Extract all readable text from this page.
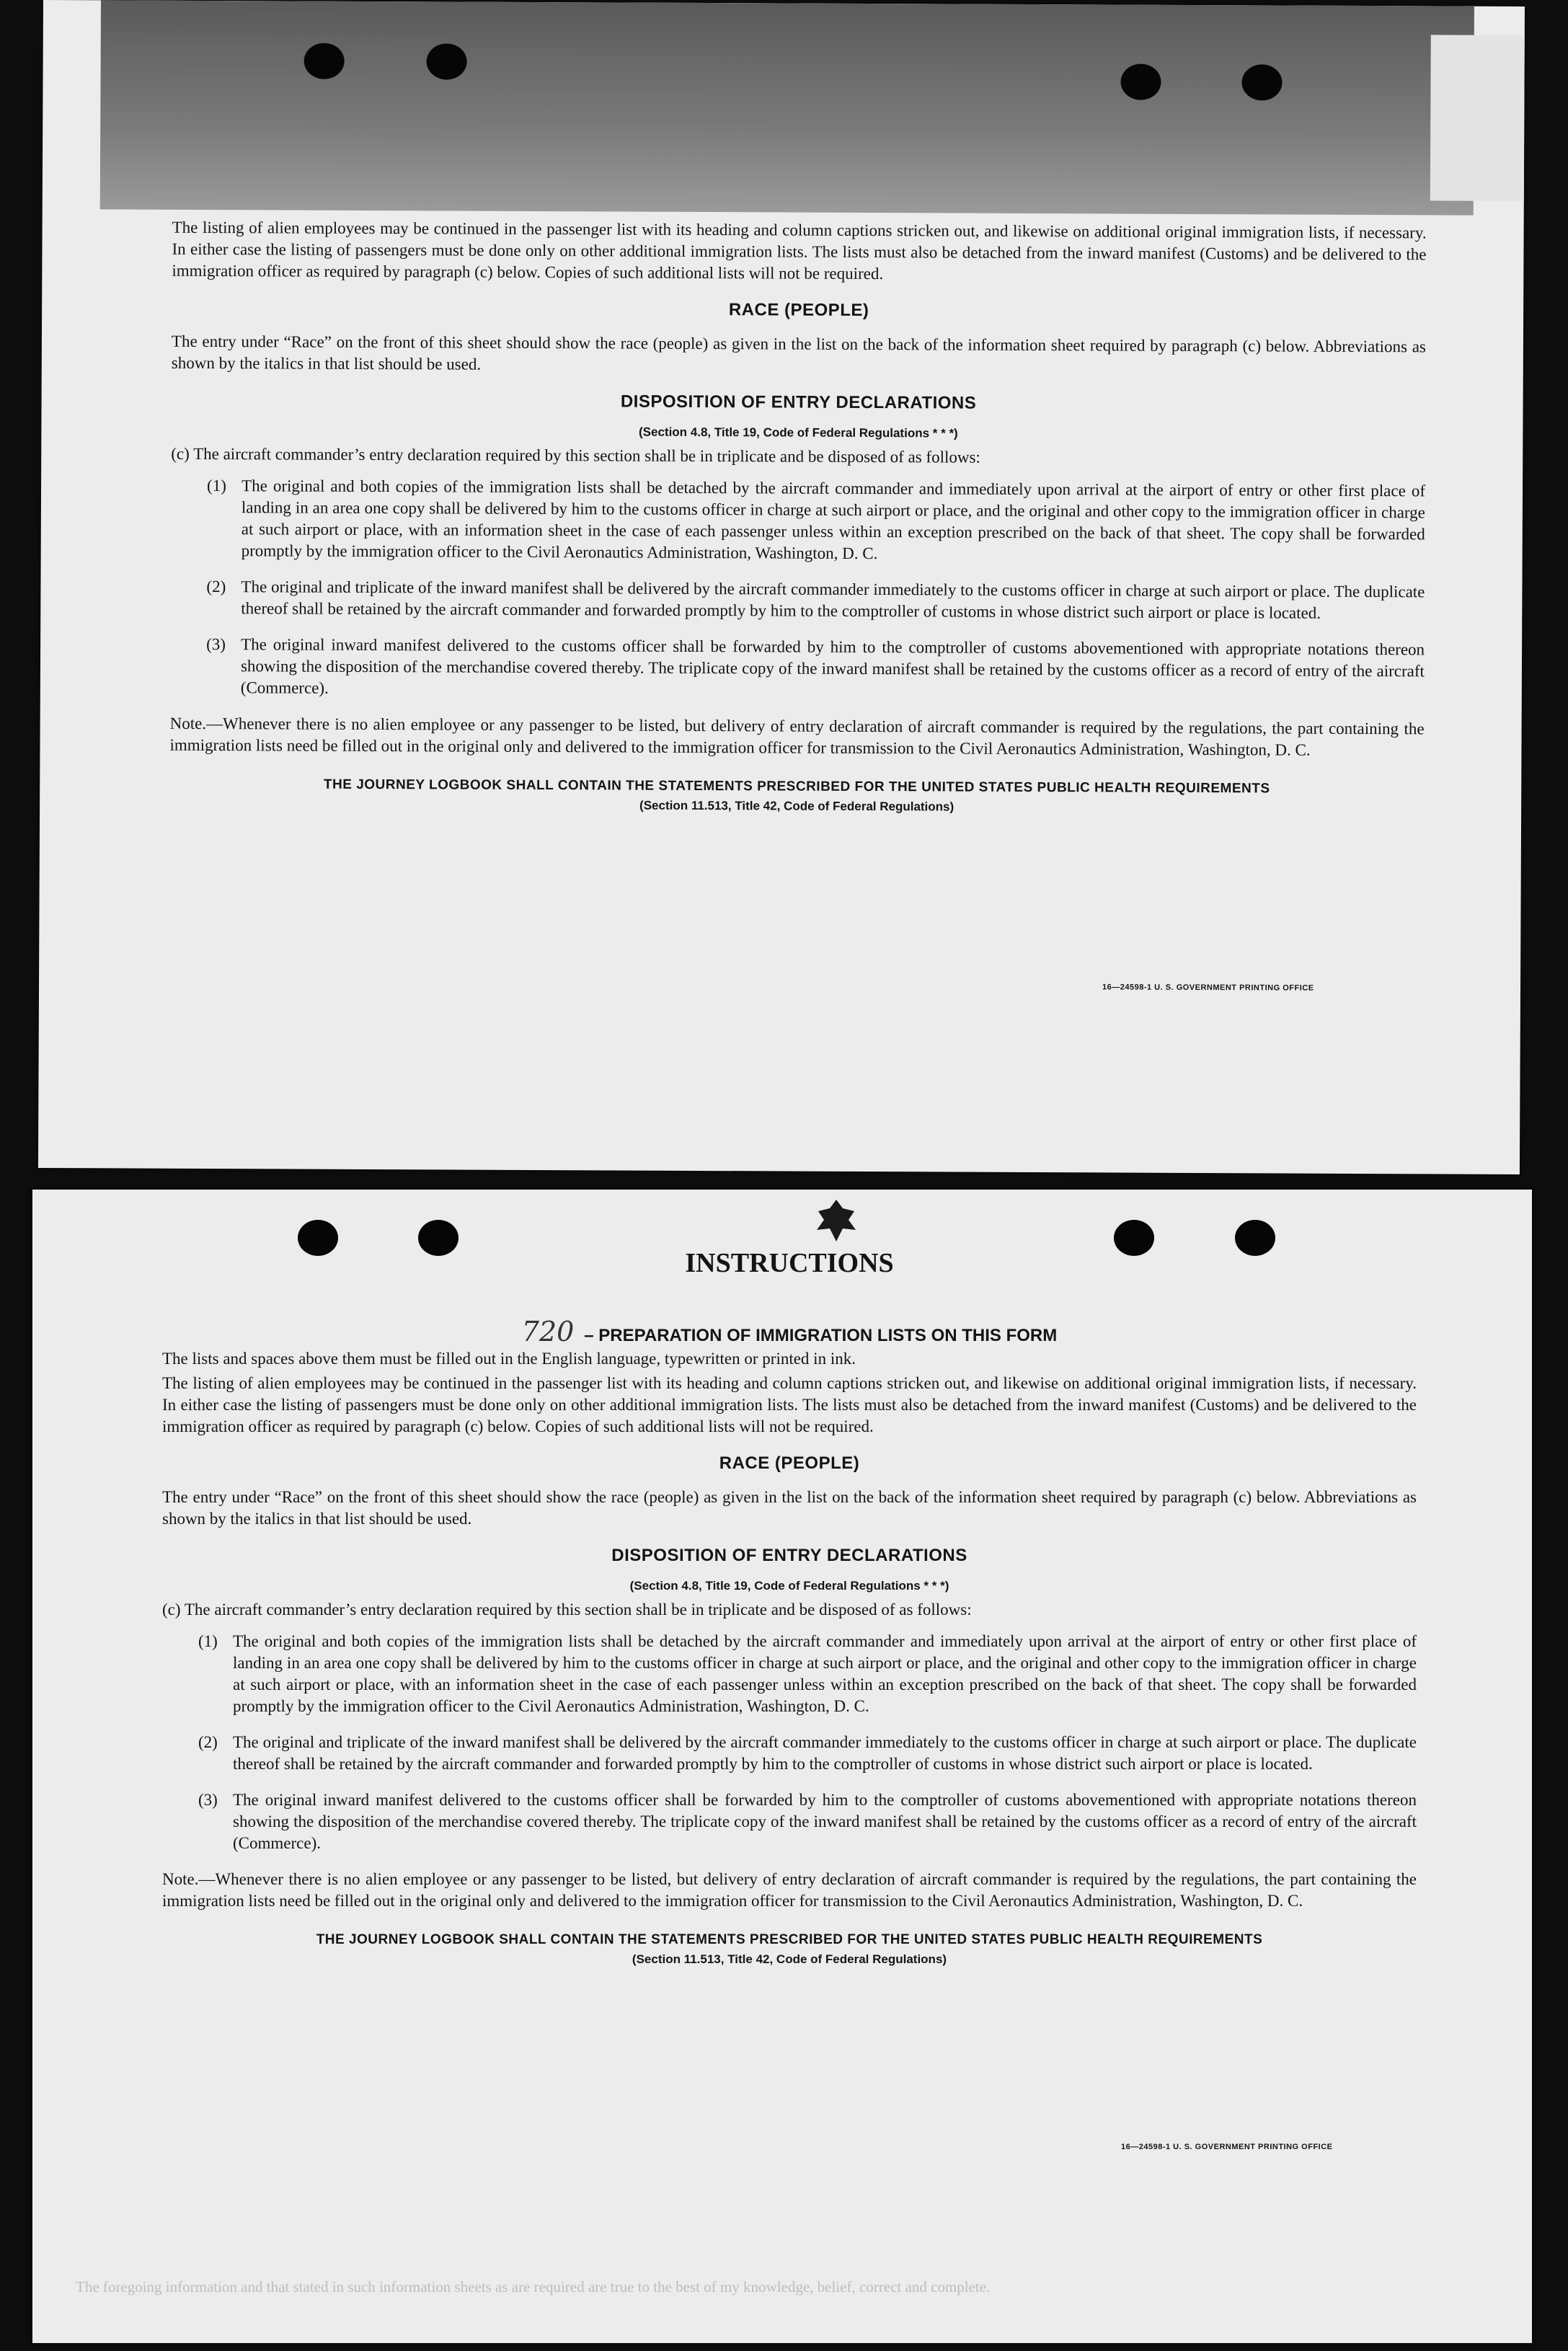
The listing of alien employees may be continued in the passenger list with its heading and column captions stricken out, and likewise on additional original immigration lists, if necessary. In either case the listing of passengers must be done only on other additional immigration lists. The lists must also be detached from the inward manifest (Customs) and be delivered to the immigration officer as required by paragraph (c) below. Copies of such additional lists will not be required.

RACE (PEOPLE)

The entry under “Race” on the front of this sheet should show the race (people) as given in the list on the back of the information sheet required by paragraph (c) below. Abbreviations as shown by the italics in that list should be used.

DISPOSITION OF ENTRY DECLARATIONS
(Section 4.8, Title 19, Code of Federal Regulations * * *)

(c) The aircraft commander’s entry declaration required by this section shall be in triplicate and be disposed of as follows:

(1) The original and both copies of the immigration lists shall be detached by the aircraft commander and immediately upon arrival at the airport of entry or other first place of landing in an area one copy shall be delivered by him to the customs officer in charge at such airport or place, and the original and other copy to the immigration officer in charge at such airport or place, with an information sheet in the case of each passenger unless within an exception prescribed on the back of that sheet. The copy shall be forwarded promptly by the immigration officer to the Civil Aeronautics Administration, Washington, D. C.

(2) The original and triplicate of the inward manifest shall be delivered by the aircraft commander immediately to the customs officer in charge at such airport or place. The duplicate thereof shall be retained by the aircraft commander and forwarded promptly by him to the comptroller of customs in whose district such airport or place is located.

(3) The original inward manifest delivered to the customs officer shall be forwarded by him to the comptroller of customs abovementioned with appropriate notations thereon showing the disposition of the merchandise covered thereby. The triplicate copy of the inward manifest shall be retained by the customs officer as a record of entry of the aircraft (Commerce).

Note.—Whenever there is no alien employee or any passenger to be listed, but delivery of entry declaration of aircraft commander is required by the regulations, the part containing the immigration lists need be filled out in the original only and delivered to the immigration officer for transmission to the Civil Aeronautics Administration, Washington, D. C.

THE JOURNEY LOGBOOK SHALL CONTAIN THE STATEMENTS PRESCRIBED FOR THE UNITED STATES PUBLIC HEALTH REQUIREMENTS
(Section 11.513, Title 42, Code of Federal Regulations)
16—24598-1 U. S. GOVERNMENT PRINTING OFFICE
INSTRUCTIONS
720 – PREPARATION OF IMMIGRATION LISTS ON THIS FORM

The lists and spaces above them must be filled out in the English language, typewritten or printed in ink.

The listing of alien employees may be continued in the passenger list with its heading and column captions stricken out, and likewise on additional original immigration lists, if necessary. In either case the listing of passengers must be done only on other additional immigration lists. The lists must also be detached from the inward manifest (Customs) and be delivered to the immigration officer as required by paragraph (c) below. Copies of such additional lists will not be required.

RACE (PEOPLE)

The entry under “Race” on the front of this sheet should show the race (people) as given in the list on the back of the information sheet required by paragraph (c) below. Abbreviations as shown by the italics in that list should be used.

DISPOSITION OF ENTRY DECLARATIONS
(Section 4.8, Title 19, Code of Federal Regulations * * *)

(c) The aircraft commander’s entry declaration required by this section shall be in triplicate and be disposed of as follows:

(1) The original and both copies of the immigration lists shall be detached by the aircraft commander and immediately upon arrival at the airport of entry or other first place of landing in an area one copy shall be delivered by him to the customs officer in charge at such airport or place, and the original and other copy to the immigration officer in charge at such airport or place, with an information sheet in the case of each passenger unless within an exception prescribed on the back of that sheet. The copy shall be forwarded promptly by the immigration officer to the Civil Aeronautics Administration, Washington, D. C.

(2) The original and triplicate of the inward manifest shall be delivered by the aircraft commander immediately to the customs officer in charge at such airport or place. The duplicate thereof shall be retained by the aircraft commander and forwarded promptly by him to the comptroller of customs in whose district such airport or place is located.

(3) The original inward manifest delivered to the customs officer shall be forwarded by him to the comptroller of customs abovementioned with appropriate notations thereon showing the disposition of the merchandise covered thereby. The triplicate copy of the inward manifest shall be retained by the customs officer as a record of entry of the aircraft (Commerce).

Note.—Whenever there is no alien employee or any passenger to be listed, but delivery of entry declaration of aircraft commander is required by the regulations, the part containing the immigration lists need be filled out in the original only and delivered to the immigration officer for transmission to the Civil Aeronautics Administration, Washington, D. C.

THE JOURNEY LOGBOOK SHALL CONTAIN THE STATEMENTS PRESCRIBED FOR THE UNITED STATES PUBLIC HEALTH REQUIREMENTS
(Section 11.513, Title 42, Code of Federal Regulations)
16—24598-1 U. S. GOVERNMENT PRINTING OFFICE
The foregoing information and that stated in such information sheets as are required are true to the best of my knowledge, belief, correct and complete.
